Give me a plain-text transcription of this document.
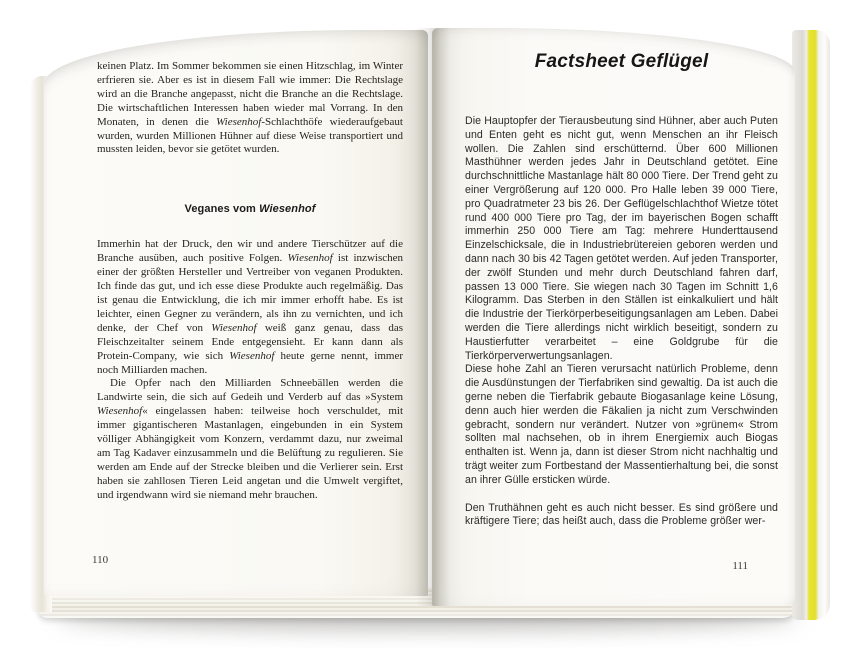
keinen Platz. Im Sommer bekommen sie einen Hitzschlag, im Winter erfrieren sie. Aber es ist in diesem Fall wie immer: Die Rechtslage wird an die Branche angepasst, nicht die Branche an die Rechtslage. Die wirtschaftlichen Interessen haben wieder mal Vorrang. In den Monaten, in denen die Wiesenhof-Schlachthöfe wiederaufgebaut wurden, wurden Millionen Hühner auf diese Weise transportiert und mussten leiden, bevor sie getötet wurden.

Veganes vom Wiesenhof

Immerhin hat der Druck, den wir und andere Tierschützer auf die Branche ausüben, auch positive Folgen. Wiesenhof ist inzwischen einer der größten Hersteller und Vertreiber von veganen Produkten. Ich finde das gut, und ich esse diese Produkte auch regelmäßig. Das ist genau die Entwicklung, die ich mir immer erhofft habe. Es ist leichter, einen Gegner zu verändern, als ihn zu vernichten, und ich denke, der Chef von Wiesenhof weiß ganz genau, dass das Fleischzeitalter seinem Ende entgegensieht. Er kann dann als Protein-Company, wie sich Wiesenhof heute gerne nennt, immer noch Milliarden machen.

Die Opfer nach den Milliarden Schneebällen werden die Landwirte sein, die sich auf Gedeih und Verderb auf das »System Wiesenhof« eingelassen haben: teilweise hoch verschuldet, mit immer gigantischeren Mastanlagen, eingebunden in ein System völliger Abhängigkeit vom Konzern, verdammt dazu, nur zweimal am Tag Kadaver einzusammeln und die Belüftung zu regulieren. Sie werden am Ende auf der Strecke bleiben und die Verlierer sein. Erst haben sie zahllosen Tieren Leid angetan und die Umwelt vergiftet, und irgendwann wird sie niemand mehr brauchen.

110
Factsheet Geflügel

Die Hauptopfer der Tierausbeutung sind Hühner, aber auch Puten und Enten geht es nicht gut, wenn Menschen an ihr Fleisch wollen. Die Zahlen sind erschütternd. Über 600 Millionen Masthühner werden jedes Jahr in Deutschland getötet. Eine durchschnittliche Mastanlage hält 80 000 Tiere. Der Trend geht zu einer Vergrößerung auf 120 000. Pro Halle leben 39 000 Tiere, pro Quadratmeter 23 bis 26. Der Geflügelschlachthof Wietze tötet rund 400 000 Tiere pro Tag, der im bayerischen Bogen schafft immerhin 250 000 Tiere am Tag: mehrere Hunderttausend Einzelschicksale, die in Industriebrütereien geboren werden und dann nach 30 bis 42 Tagen getötet werden. Auf jeden Transporter, der zwölf Stunden und mehr durch Deutschland fahren darf, passen 13 000 Tiere. Sie wiegen nach 30 Tagen im Schnitt 1,6 Kilogramm. Das Sterben in den Ställen ist einkalkuliert und hält die Industrie der Tierkörperbeseitigungsanlagen am Leben. Dabei werden die Tiere allerdings nicht wirklich beseitigt, sondern zu Haustierfutter verarbeitet – eine Goldgrube für die Tierkörperverwertungsanlagen.

Diese hohe Zahl an Tieren verursacht natürlich Probleme, denn die Ausdünstungen der Tierfabriken sind gewaltig. Da ist auch die gerne neben die Tierfabrik gebaute Biogasanlage keine Lösung, denn auch hier werden die Fäkalien ja nicht zum Verschwinden gebracht, sondern nur verändert. Nutzer von »grünem« Strom sollten mal nachsehen, ob in ihrem Energiemix auch Biogas enthalten ist. Wenn ja, dann ist dieser Strom nicht nachhaltig und trägt weiter zum Fortbestand der Massentierhaltung bei, die sonst an ihrer Gülle ersticken würde.

Den Truthähnen geht es auch nicht besser. Es sind größere und kräftigere Tiere; das heißt auch, dass die Probleme größer wer-

111
